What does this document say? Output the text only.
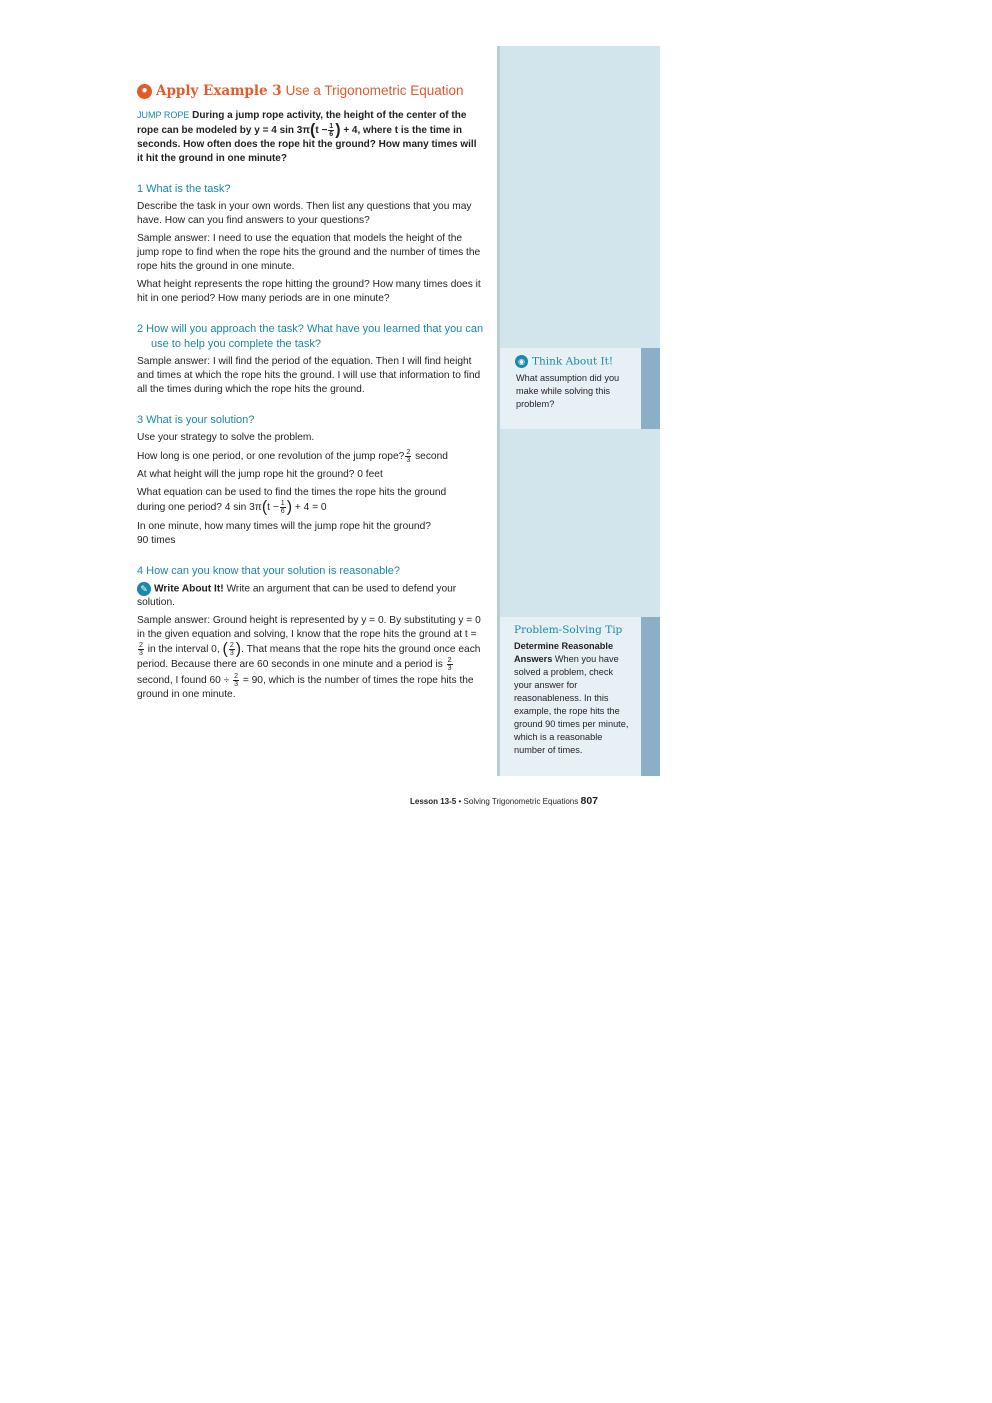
◉ Think About It!
What assumption did you make while solving this problem?
Problem-Solving Tip
Determine Reasonable Answers When you have solved a problem, check your answer for reasonableness. In this example, the rope hits the ground 90 times per minute, which is a reasonable number of times.
● Apply Example 3 Use a Trigonometric Equation
JUMP ROPE During a jump rope activity, the height of the center of the rope can be modeled by y = 4 $\sin 3\pi(t - \frac{1}{6}$ ) + 4, where t is the time in seconds. How often does the rope hit the ground? How many times will it hit the ground in one minute?
1 What is the task?

Describe the task in your own words. Then list any questions that you may have. How can you find answers to your questions?

Sample answer: I need to use the equation that models the height of the jump rope to find when the rope hits the ground and the number of times the rope hits the ground in one minute.

What height represents the rope hitting the ground? How many times does it hit in one period? How many periods are in one minute?

2 How will you approach the task? What have you learned that you can use to help you complete the task?

Sample answer: I will find the period of the equation. Then I will find height and times at which the rope hits the ground. I will use that information to find all the times during which the rope hits the ground.

3 What is your solution?

Use your strategy to solve the problem.

How long is one period, or one revolution of the jump rope? $\frac{2}{3}$ second

At what height will the jump rope hit the ground? 0 feet

What equation can be used to find the times the rope hits the ground
during one period? 4 $\sin 3\pi(t - \frac{1}{6}$ ) + 4 = 0

In one minute, how many times will the jump rope hit the ground?
90 times

4 How can you know that your solution is reasonable?

✎ Write About It! Write an argument that can be used to defend your solution.

Sample answer: Ground height is represented by y = 0. By substituting y = 0 in the given equation and solving, I know that the rope hits the ground at t =
$\frac{2}{3}$ in the interval 0, ( $\frac{2}{3}$ ). That means that the rope hits the ground once each period. Because there are 60 seconds in one minute and a period is $\frac{2}{3}$
second, I found $60 \div \frac{2}{3} = 90$, which is the number of times the rope hits the ground in one minute.

Lesson 13-5 • Solving Trigonometric Equations 807
